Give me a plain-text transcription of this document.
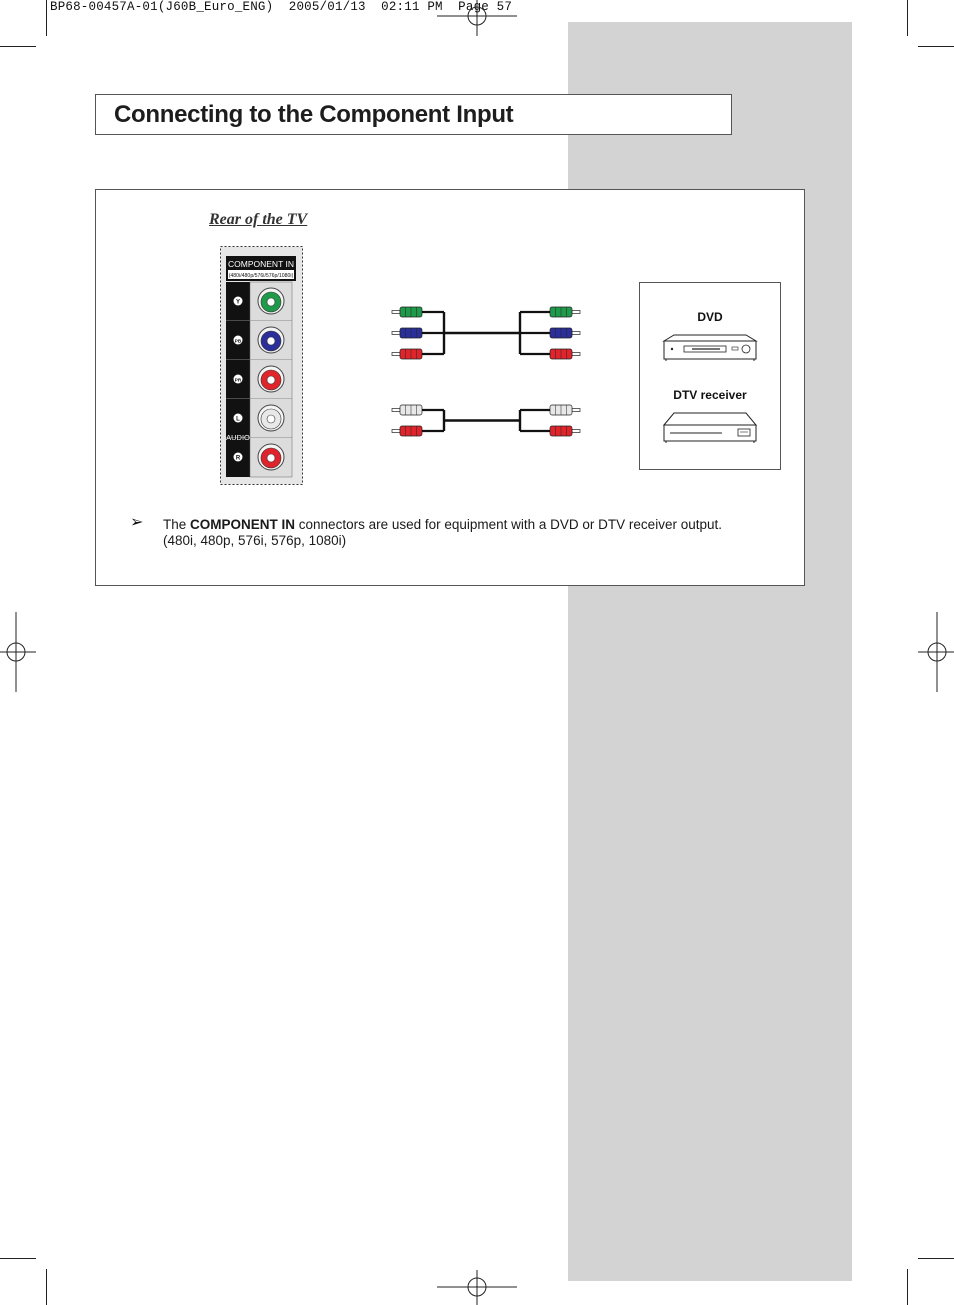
BP68-00457A-01(J60B_Euro_ENG)  2005/01/13  02:11 PM  Page 57
Connecting to the Component Input
Rear of the TV
COMPONENT IN
(480i/480p/576i/576p/1080i)
Y
PB
PR
L
R
AUDIO
DVD
DTV receiver
➢ The COMPONENT IN connectors are used for equipment with a DVD or DTV receiver output.
(480i, 480p, 576i, 576p, 1080i)
